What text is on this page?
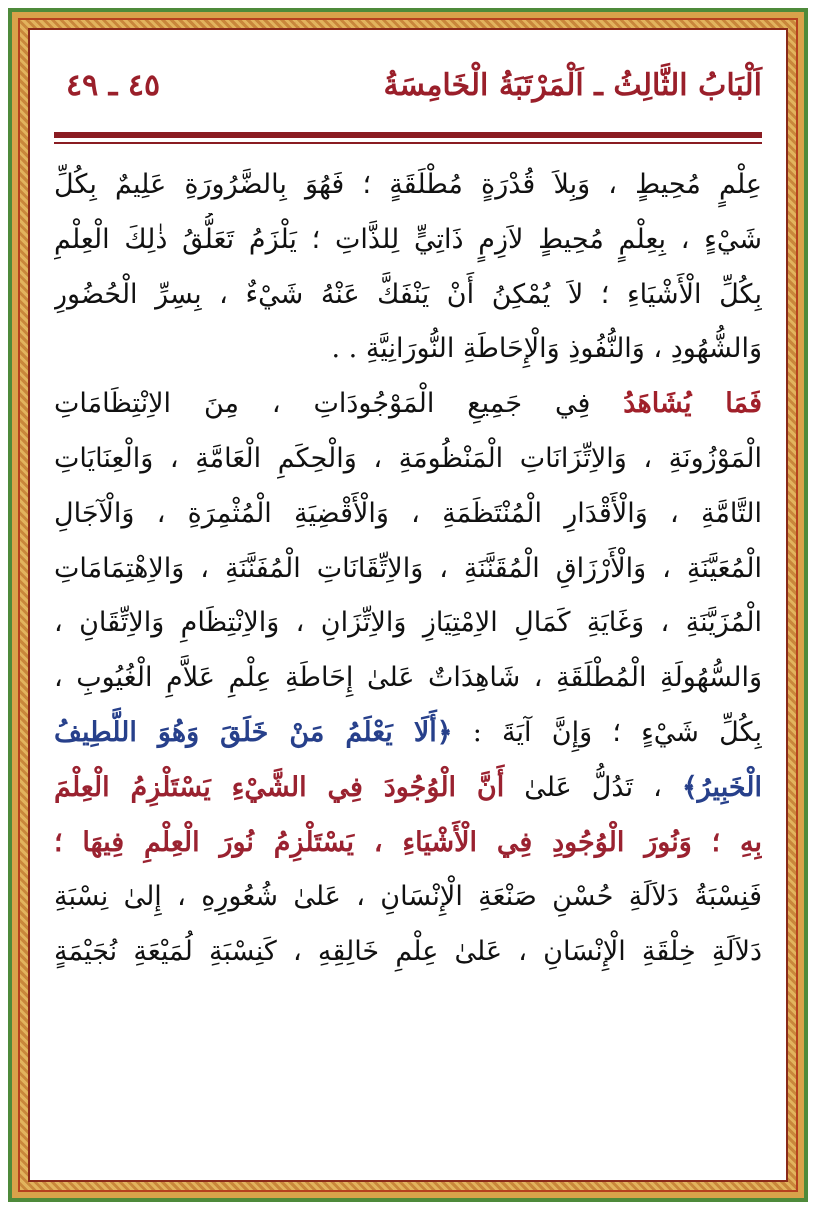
اَلْبَابُ الثَّالِثُ ـ اَلْمَرْتَبَةُ الْخَامِسَةُ
٤٥ ـ ٤٩
عِلْمٍ مُحِيطٍ ، وَبِلاَ قُدْرَةٍ مُطْلَقَةٍ ؛ فَهُوَ بِالضَّرُورَةِ عَلِيمٌ بِكُلِّ
شَيْءٍ ، بِعِلْمٍ مُحِيطٍ لاَزِمٍ ذَاتِيٍّ لِلذَّاتِ ؛ يَلْزَمُ تَعَلُّقُ ذٰلِكَ الْعِلْمِ
بِكُلِّ الْأَشْيَاءِ ؛ لاَ يُمْكِنُ أَنْ يَنْفَكَّ عَنْهُ شَيْءٌ ، بِسِرِّ الْحُضُورِ
وَالشُّهُودِ ، وَالنُّفُوذِ وَالْإِحَاطَةِ النُّورَانِيَّةِ . .
فَمَا يُشَاهَدُ فِي جَمِيعِ الْمَوْجُودَاتِ ، مِنَ الاِنْتِظَامَاتِ
الْمَوْزُونَةِ ، وَالاِتِّزَانَاتِ الْمَنْظُومَةِ ، وَالْحِكَمِ الْعَامَّةِ ، وَالْعِنَايَاتِ
التَّامَّةِ ، وَالْأَقْدَارِ الْمُنْتَظَمَةِ ، وَالْأَقْضِيَةِ الْمُثْمِرَةِ ، وَالْآجَالِ
الْمُعَيَّنَةِ ، وَالْأَرْزَاقِ الْمُقَنَّنَةِ ، وَالاِتِّقَانَاتِ الْمُفَنَّنَةِ ، وَالاِهْتِمَامَاتِ
الْمُزَيَّنَةِ ، وَغَايَةِ كَمَالِ الاِمْتِيَازِ وَالاِتِّزَانِ ، وَالاِنْتِظَامِ وَالاِتِّقَانِ ،
وَالسُّهُولَةِ الْمُطْلَقَةِ ، شَاهِدَاتٌ عَلىٰ إِحَاطَةِ عِلْمِ عَلاَّمِ الْغُيُوبِ ،
بِكُلِّ شَيْءٍ ؛ وَإِنَّ آيَةَ : ﴿أَلَا يَعْلَمُ مَنْ خَلَقَ وَهُوَ اللَّطِيفُ
الْخَبِيرُ﴾ ، تَدُلُّ عَلىٰ أَنَّ الْوُجُودَ فِي الشَّيْءِ يَسْتَلْزِمُ الْعِلْمَ
بِهِ ؛ وَنُورَ الْوُجُودِ فِي الْأَشْيَاءِ ، يَسْتَلْزِمُ نُورَ الْعِلْمِ فِيهَا ؛
فَنِسْبَةُ دَلاَلَةِ حُسْنِ صَنْعَةِ الْإِنْسَانِ ، عَلىٰ شُعُورِهِ ، إِلىٰ نِسْبَةِ
دَلاَلَةِ خِلْقَةِ الْإِنْسَانِ ، عَلىٰ عِلْمِ خَالِقِهِ ، كَنِسْبَةِ لُمَيْعَةِ نُجَيْمَةٍ
